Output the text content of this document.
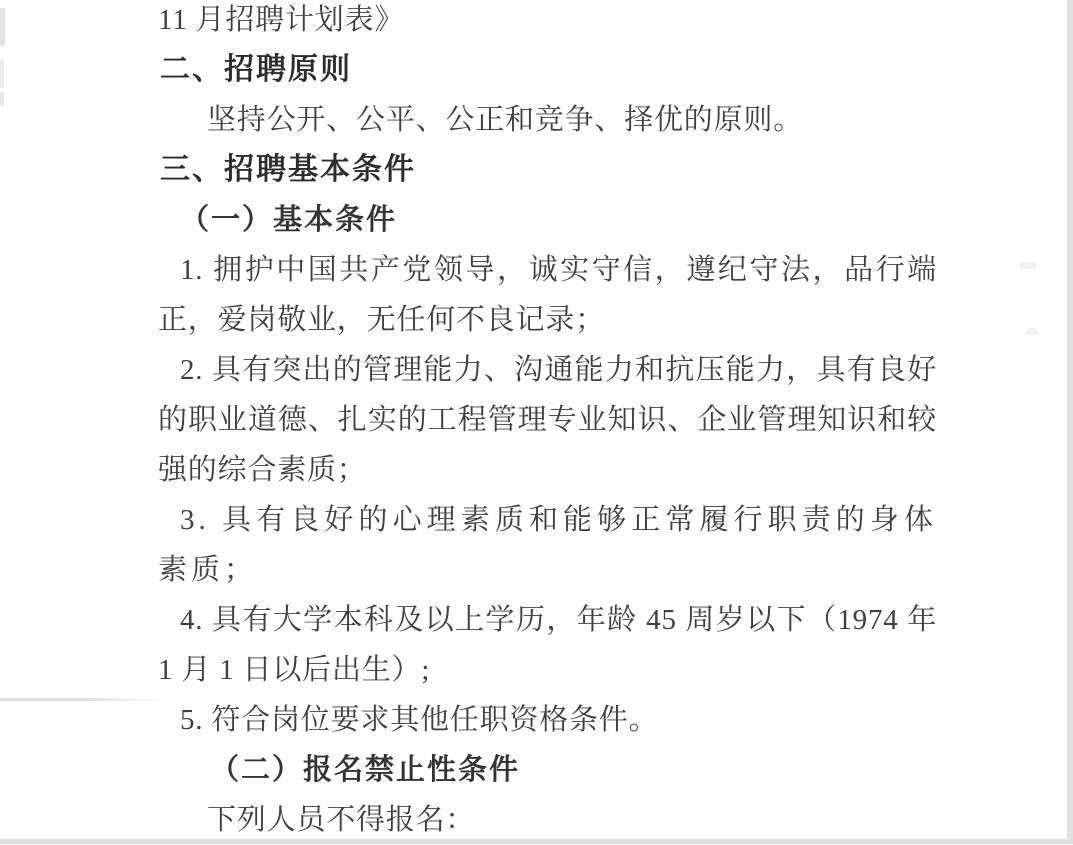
11 月招聘计划表》

二、招聘原则

坚持公开、公平、公正和竞争、择优的原则。

三、招聘基本条件

（一）基本条件

1. 拥护中国共产党领导，诚实守信，遵纪守法，品行端正，爱岗敬业，无任何不良记录；

2. 具有突出的管理能力、沟通能力和抗压能力，具有良好的职业道德、扎实的工程管理专业知识、企业管理知识和较强的综合素质；

3. 具有良好的心理素质和能够正常履行职责的身体素质；

4. 具有大学本科及以上学历，年龄 45 周岁以下（1974 年 1 月 1 日以后出生）;

5. 符合岗位要求其他任职资格条件。

（二）报名禁止性条件

下列人员不得报名：
